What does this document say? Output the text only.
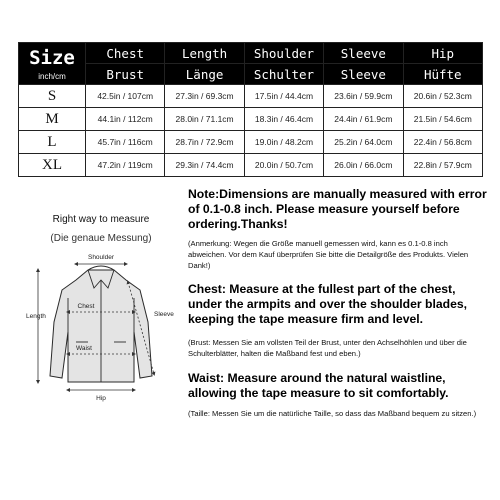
Size
inch/cm	Chest	Length	Shoulder	Sleeve	Hip
	Brust	Länge	Schulter	Sleeve	Hüfte
S	42.5in / 107cm	27.3in / 69.3cm	17.5in / 44.4cm	23.6in / 59.9cm	20.6in / 52.3cm
M	44.1in / 112cm	28.0in / 71.1cm	18.3in / 46.4cm	24.4in / 61.9cm	21.5in / 54.6cm
L	45.7in / 116cm	28.7in / 72.9cm	19.0in / 48.2cm	25.2in / 64.0cm	22.4in / 56.8cm
XL	47.2in / 119cm	29.3in / 74.4cm	20.0in / 50.7cm	26.0in / 66.0cm	22.8in / 57.9cm
Right way to measure
(Die genaue Messung)
Shoulder
Chest
Waist
Hip
Length	Sleeve

Note:Dimensions are manually measured with error of 0.1-0.8 inch. Please measure yourself before ordering.Thanks!

(Anmerkung: Wegen die Größe manuell gemessen wird, kann es 0.1-0.8 inch abweichen. Vor dem Kauf überprüfen Sie bitte die Detailgröße des Produkts. Vielen Dank!)

Chest: Measure at the fullest part of the chest, under the armpits and over the shoulder blades, keeping the tape measure firm and level.

(Brust: Messen Sie am vollsten Teil der Brust, unter den Achselhöhlen und über die Schulterblätter, halten die Maßband fest und eben.)

Waist: Measure around the natural waistline, allowing the tape measure to sit comfortably.

(Taille: Messen Sie um die natürliche Taille, so dass das Maßband bequem zu sitzen.)
